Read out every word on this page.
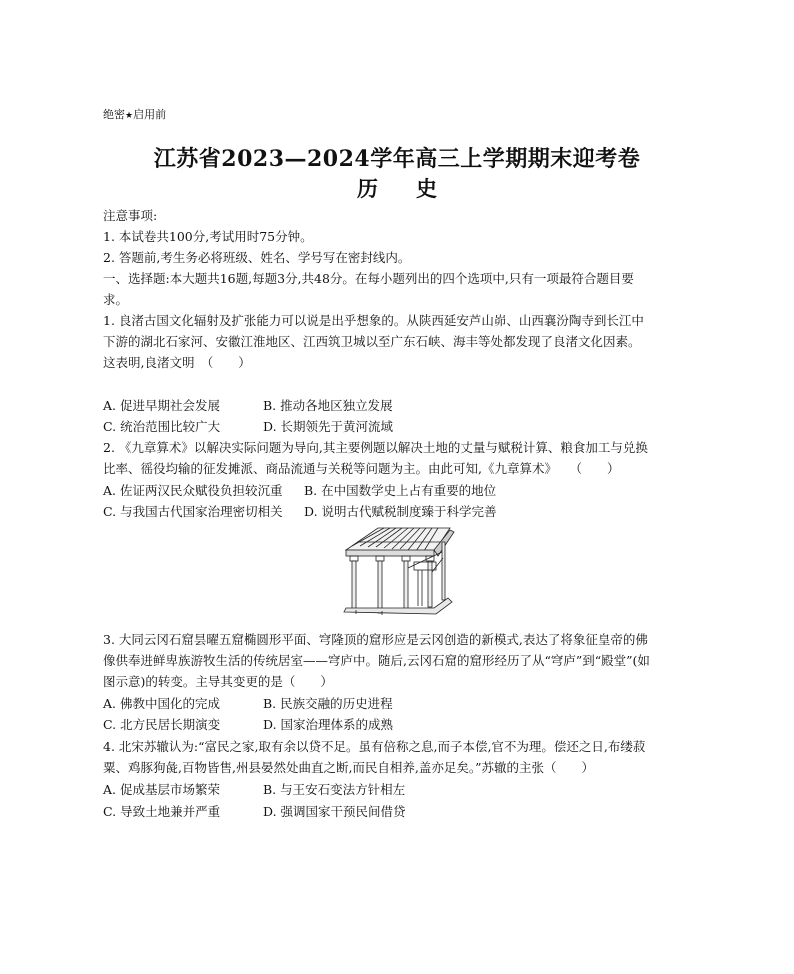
绝密★启用前
江苏省2023—2024学年高三上学期期末迎考卷
历史
注意事项:
1. 本试卷共100分,考试用时75分钟。
2. 答题前,考生务必将班级、姓名、学号写在密封线内。
一、选择题:本大题共16题,每题3分,共48分。在每小题列出的四个选项中,只有一项最符合题目要
求。
1. 良渚古国文化辐射及扩张能力可以说是出乎想象的。从陕西延安芦山峁、山西襄汾陶寺到长江中
下游的湖北石家河、安徽江淮地区、江西筑卫城以至广东石峡、海丰等处都发现了良渚文化因素。
这表明,良渚文明　（　　）
A. 促进早期社会发展	B. 推动各地区独立发展
C. 统治范围比较广大	D. 长期领先于黄河流域
2. 《九章算术》以解决实际问题为导向,其主要例题以解决土地的丈量与赋税计算、粮食加工与兑换
比率、徭役均输的征发摊派、商品流通与关税等问题为主。由此可知,《九章算术》　　（　　）
A. 佐证两汉民众赋役负担较沉重 B. 在中国数学史上占有重要的地位
C. 与我国古代国家治理密切相关 D. 说明古代赋税制度臻于科学完善
3. 大同云冈石窟昙曜五窟椭圆形平面、穹隆顶的窟形应是云冈创造的新模式,表达了将象征皇帝的佛
像供奉进鲜卑族游牧生活的传统居室——穹庐中。随后,云冈石窟的窟形经历了从“穹庐”到“殿堂”(如
图示意)的转变。主导其变更的是（　　）
A. 佛教中国化的完成	B. 民族交融的历史进程
C. 北方民居长期演变	D. 国家治理体系的成熟
4. 北宋苏辙认为:“富民之家,取有余以贷不足。虽有倍称之息,而子本偿,官不为理。偿还之日,布缕菽
粟、鸡豚狗彘,百物皆售,州县晏然处曲直之断,而民自相养,盖亦足矣。”苏辙的主张（　　）
A. 促成基层市场繁荣	B. 与王安石变法方针相左
C. 导致土地兼并严重	D. 强调国家干预民间借贷
